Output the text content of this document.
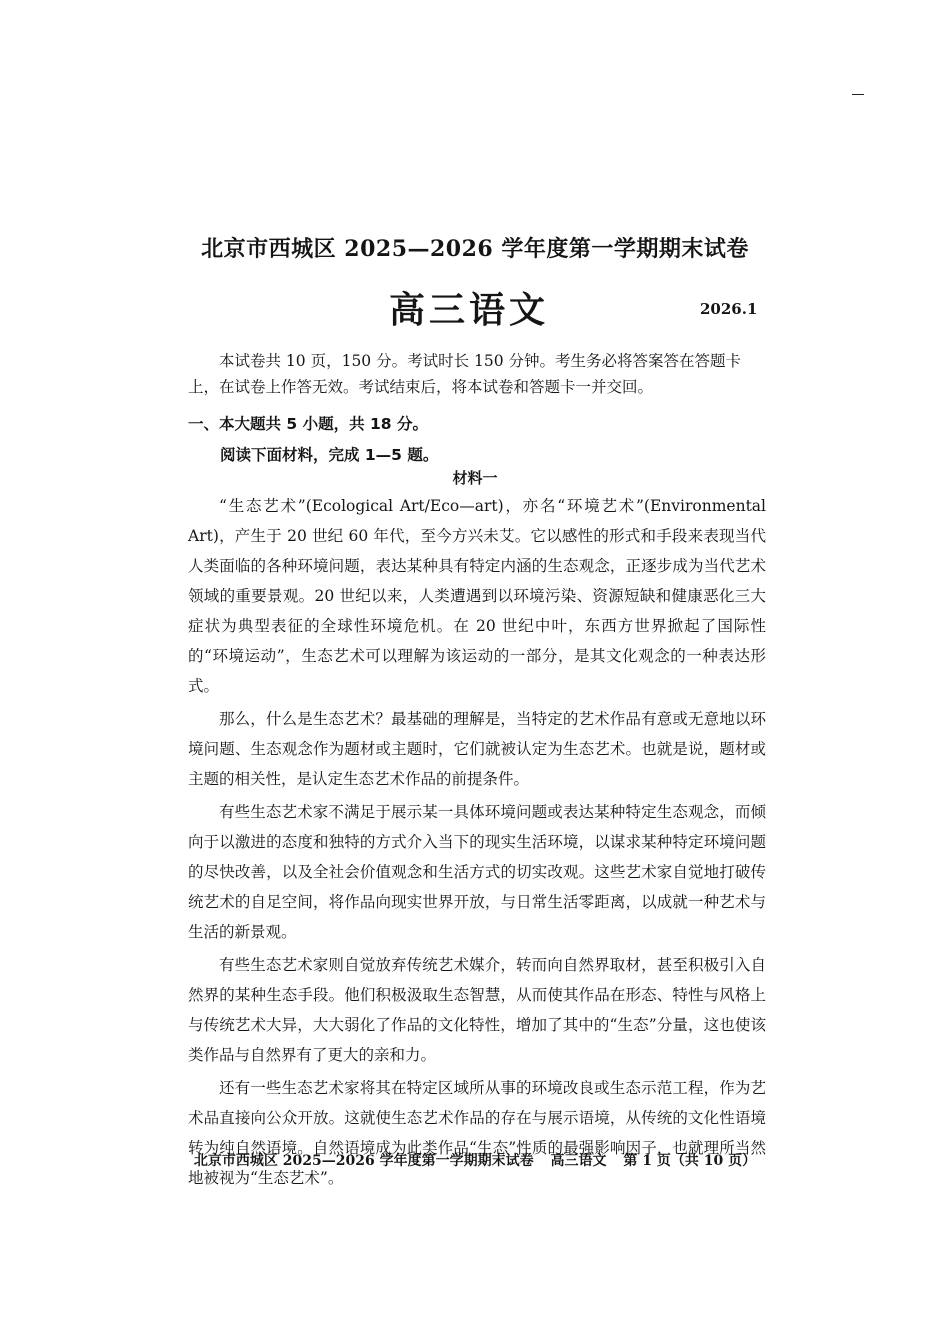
北京市西城区 2025—2026 学年度第一学期期末试卷
高三语文	2026.1

本试卷共 10 页，150 分。考试时长 150 分钟。考生务必将答案答在答题卡上，在试卷上作答无效。考试结束后，将本试卷和答题卡一并交回。

一、本大题共 5 小题，共 18 分。
阅读下面材料，完成 1—5 题。
材料一

“生态艺术”(Ecological Art/Eco—art)，亦名“环境艺术”(Environmental Art)，产生于 20 世纪 60 年代，至今方兴未艾。它以感性的形式和手段来表现当代人类面临的各种环境问题，表达某种具有特定内涵的生态观念，正逐步成为当代艺术领域的重要景观。20 世纪以来，人类遭遇到以环境污染、资源短缺和健康恶化三大症状为典型表征的全球性环境危机。在 20 世纪中叶，东西方世界掀起了国际性的“环境运动”，生态艺术可以理解为该运动的一部分，是其文化观念的一种表达形式。

那么，什么是生态艺术？最基础的理解是，当特定的艺术作品有意或无意地以环境问题、生态观念作为题材或主题时，它们就被认定为生态艺术。也就是说，题材或主题的相关性，是认定生态艺术作品的前提条件。

有些生态艺术家不满足于展示某一具体环境问题或表达某种特定生态观念，而倾向于以激进的态度和独特的方式介入当下的现实生活环境，以谋求某种特定环境问题的尽快改善，以及全社会价值观念和生活方式的切实改观。这些艺术家自觉地打破传统艺术的自足空间，将作品向现实世界开放，与日常生活零距离，以成就一种艺术与生活的新景观。

有些生态艺术家则自觉放弃传统艺术媒介，转而向自然界取材，甚至积极引入自然界的某种生态手段。他们积极汲取生态智慧，从而使其作品在形态、特性与风格上与传统艺术大异，大大弱化了作品的文化特性，增加了其中的“生态”分量，这也使该类作品与自然界有了更大的亲和力。

还有一些生态艺术家将其在特定区域所从事的环境改良或生态示范工程，作为艺术品直接向公众开放。这就使生态艺术作品的存在与展示语境，从传统的文化性语境转为纯自然语境。自然语境成为此类作品“生态”性质的最强影响因子，也就理所当然地被视为“生态艺术”。

北京市西城区 2025—2026 学年度第一学期期末试卷 高三语文 第 1 页（共 10 页）
